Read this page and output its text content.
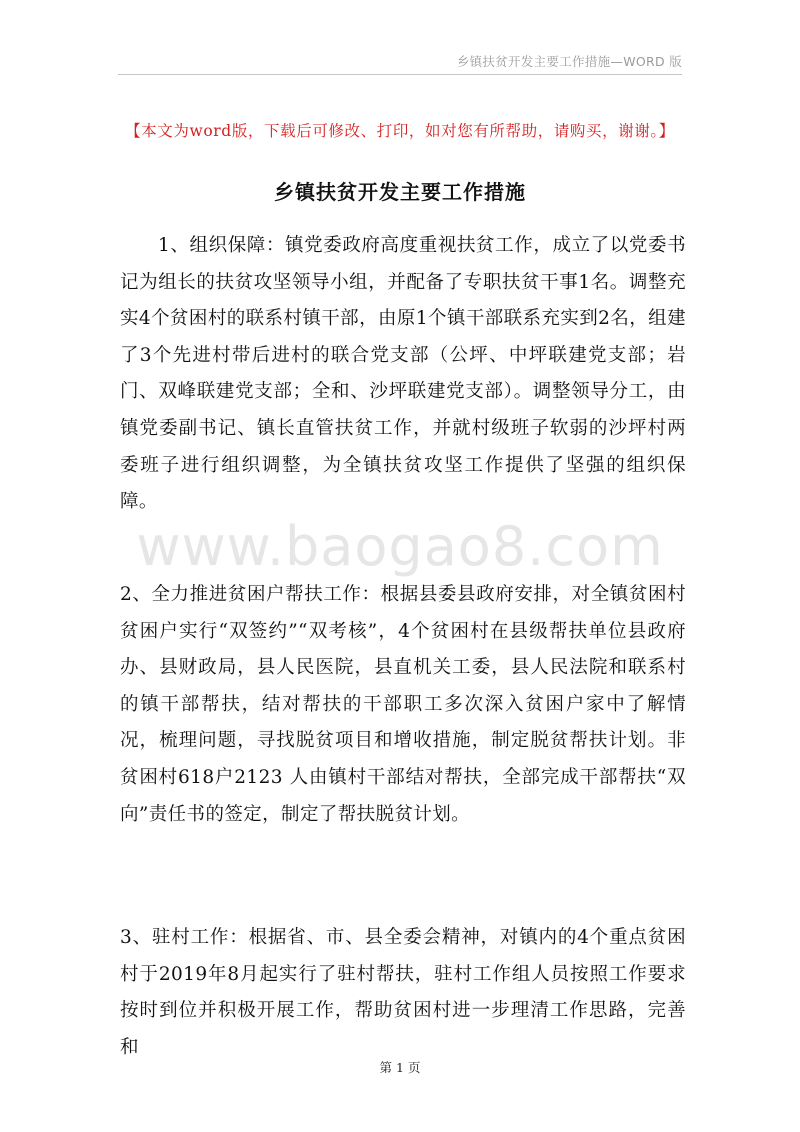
乡镇扶贫开发主要工作措施—WORD 版
【本文为word版，下载后可修改、打印，如对您有所帮助，请购买，谢谢。】
乡镇扶贫开发主要工作措施
www.baogao8.com
1、组织保障：镇党委政府高度重视扶贫工作，成立了以党委书记为组长的扶贫攻坚领导小组，并配备了专职扶贫干事1名。调整充实4个贫困村的联系村镇干部，由原1个镇干部联系充实到2名，组建了3个先进村带后进村的联合党支部（公坪、中坪联建党支部；岩门、双峰联建党支部；全和、沙坪联建党支部）。调整领导分工，由镇党委副书记、镇长直管扶贫工作，并就村级班子软弱的沙坪村两委班子进行组织调整，为全镇扶贫攻坚工作提供了坚强的组织保障。
2、全力推进贫困户帮扶工作：根据县委县政府安排，对全镇贫困村贫困户实行“双签约”“双考核”，4个贫困村在县级帮扶单位县政府办、县财政局，县人民医院，县直机关工委，县人民法院和联系村的镇干部帮扶，结对帮扶的干部职工多次深入贫困户家中了解情况，梳理问题，寻找脱贫项目和增收措施，制定脱贫帮扶计划。非贫困村618户2123 人由镇村干部结对帮扶，全部完成干部帮扶“双向”责任书的签定，制定了帮扶脱贫计划。
3、驻村工作：根据省、市、县全委会精神，对镇内的4个重点贫困村于2019年8月起实行了驻村帮扶，驻村工作组人员按照工作要求按时到位并积极开展工作，帮助贫困村进一步理清工作思路，完善和
第 1 页
